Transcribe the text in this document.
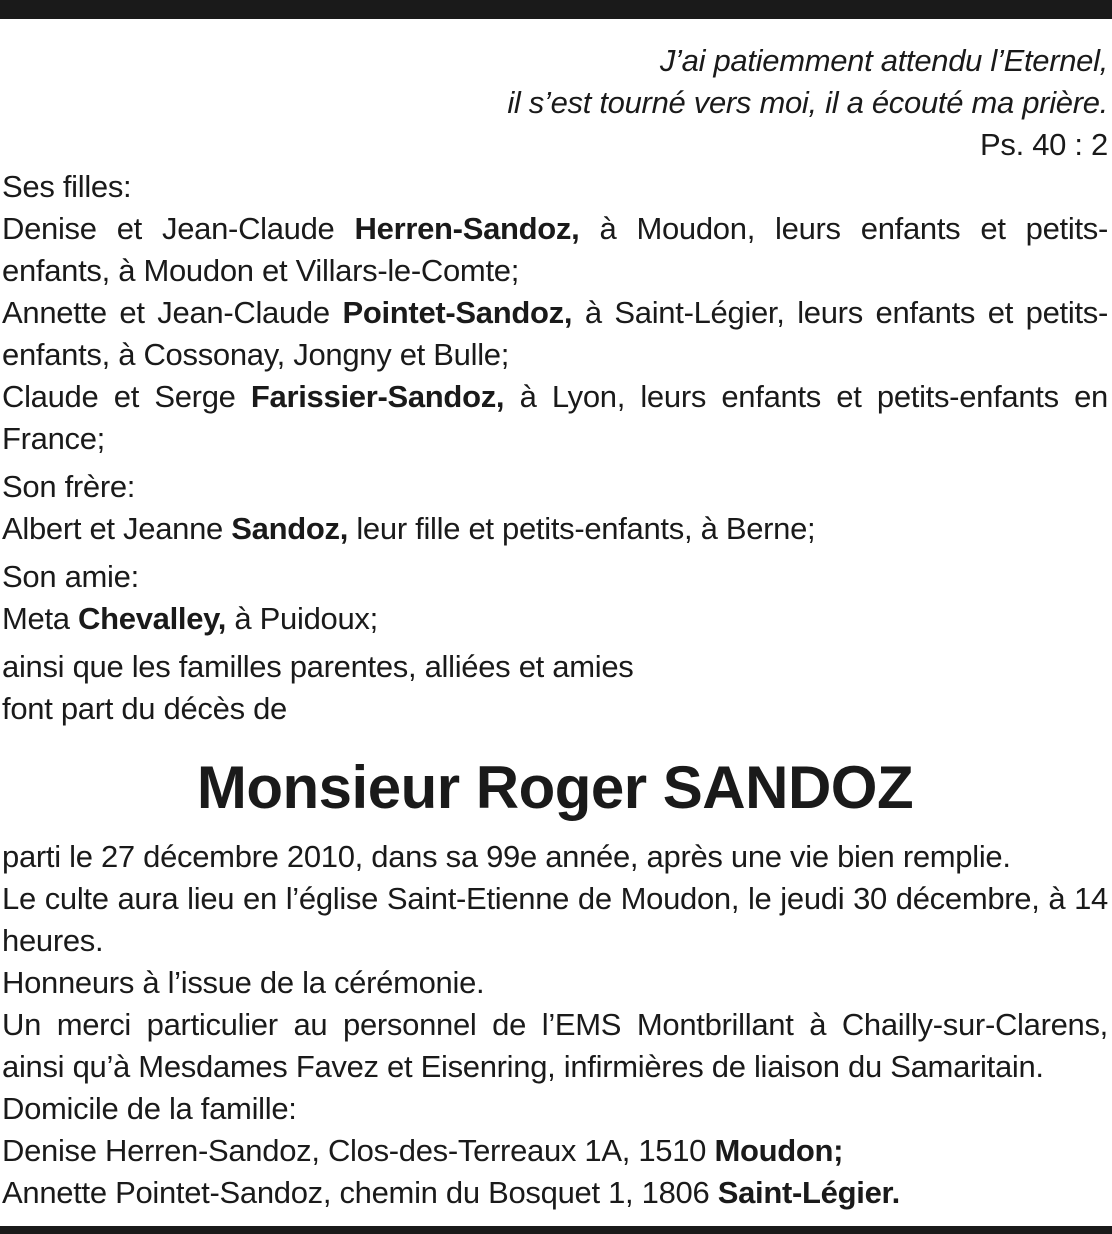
J’ai patiemment attendu l’Eternel,
il s’est tourné vers moi, il a écouté ma prière.
Ps. 40 : 2

Ses filles:

Denise et Jean-Claude Herren-Sandoz, à Moudon, leurs enfants et petits-enfants, à Moudon et Villars-le-Comte;

Annette et Jean-Claude Pointet-Sandoz, à Saint-Légier, leurs enfants et petits-enfants, à Cossonay, Jongny et Bulle;

Claude et Serge Farissier-Sandoz, à Lyon, leurs enfants et petits-enfants en France;

Son frère:

Albert et Jeanne Sandoz, leur fille et petits-enfants, à Berne;

Son amie:

Meta Chevalley, à Puidoux;

ainsi que les familles parentes, alliées et amies

font part du décès de

Monsieur Roger SANDOZ

parti le 27 décembre 2010, dans sa 99e année, après une vie bien remplie.

Le culte aura lieu en l’église Saint-Etienne de Moudon, le jeudi 30 décembre, à 14 heures.

Honneurs à l’issue de la cérémonie.

Un merci particulier au personnel de l’EMS Montbrillant à Chailly-sur-Clarens, ainsi qu’à Mesdames Favez et Eisenring, infirmières de liaison du Samaritain.

Domicile de la famille:

Denise Herren-Sandoz, Clos-des-Terreaux 1A, 1510 Moudon;

Annette Pointet-Sandoz, chemin du Bosquet 1, 1806 Saint-Légier.
